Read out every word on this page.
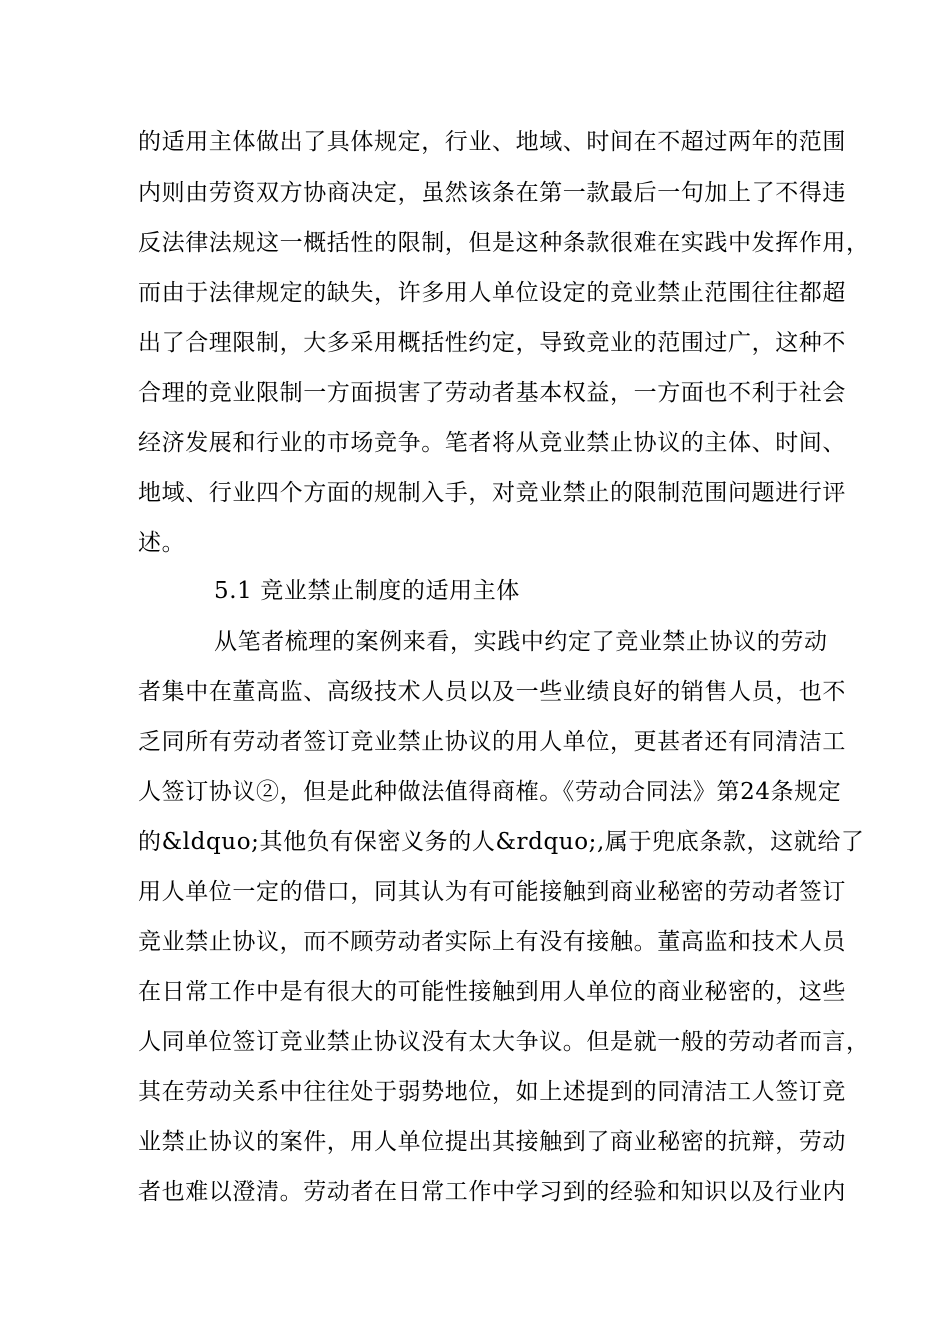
的适用主体做出了具体规定，行业、地域、时间在不超过两年的范围
内则由劳资双方协商决定，虽然该条在第一款最后一句加上了不得违
反法律法规这一概括性的限制，但是这种条款很难在实践中发挥作用，
而由于法律规定的缺失，许多用人单位设定的竞业禁止范围往往都超
出了合理限制，大多采用概括性约定，导致竞业的范围过广，这种不
合理的竞业限制一方面损害了劳动者基本权益，一方面也不利于社会
经济发展和行业的市场竞争。笔者将从竞业禁止协议的主体、时间、
地域、行业四个方面的规制入手，对竞业禁止的限制范围问题进行评
述。
5.1 竞业禁止制度的适用主体
从笔者梳理的案例来看，实践中约定了竞业禁止协议的劳动
者集中在董高监、高级技术人员以及一些业绩良好的销售人员，也不
乏同所有劳动者签订竞业禁止协议的用人单位，更甚者还有同清洁工
人签订协议②，但是此种做法值得商榷。《劳动合同法》第24条规定
的&ldquo;其他负有保密义务的人&rdquo;,属于兜底条款，这就给了
用人单位一定的借口，同其认为有可能接触到商业秘密的劳动者签订
竞业禁止协议，而不顾劳动者实际上有没有接触。董高监和技术人员
在日常工作中是有很大的可能性接触到用人单位的商业秘密的，这些
人同单位签订竞业禁止协议没有太大争议。但是就一般的劳动者而言，
其在劳动关系中往往处于弱势地位，如上述提到的同清洁工人签订竞
业禁止协议的案件，用人单位提出其接触到了商业秘密的抗辩，劳动
者也难以澄清。劳动者在日常工作中学习到的经验和知识以及行业内
